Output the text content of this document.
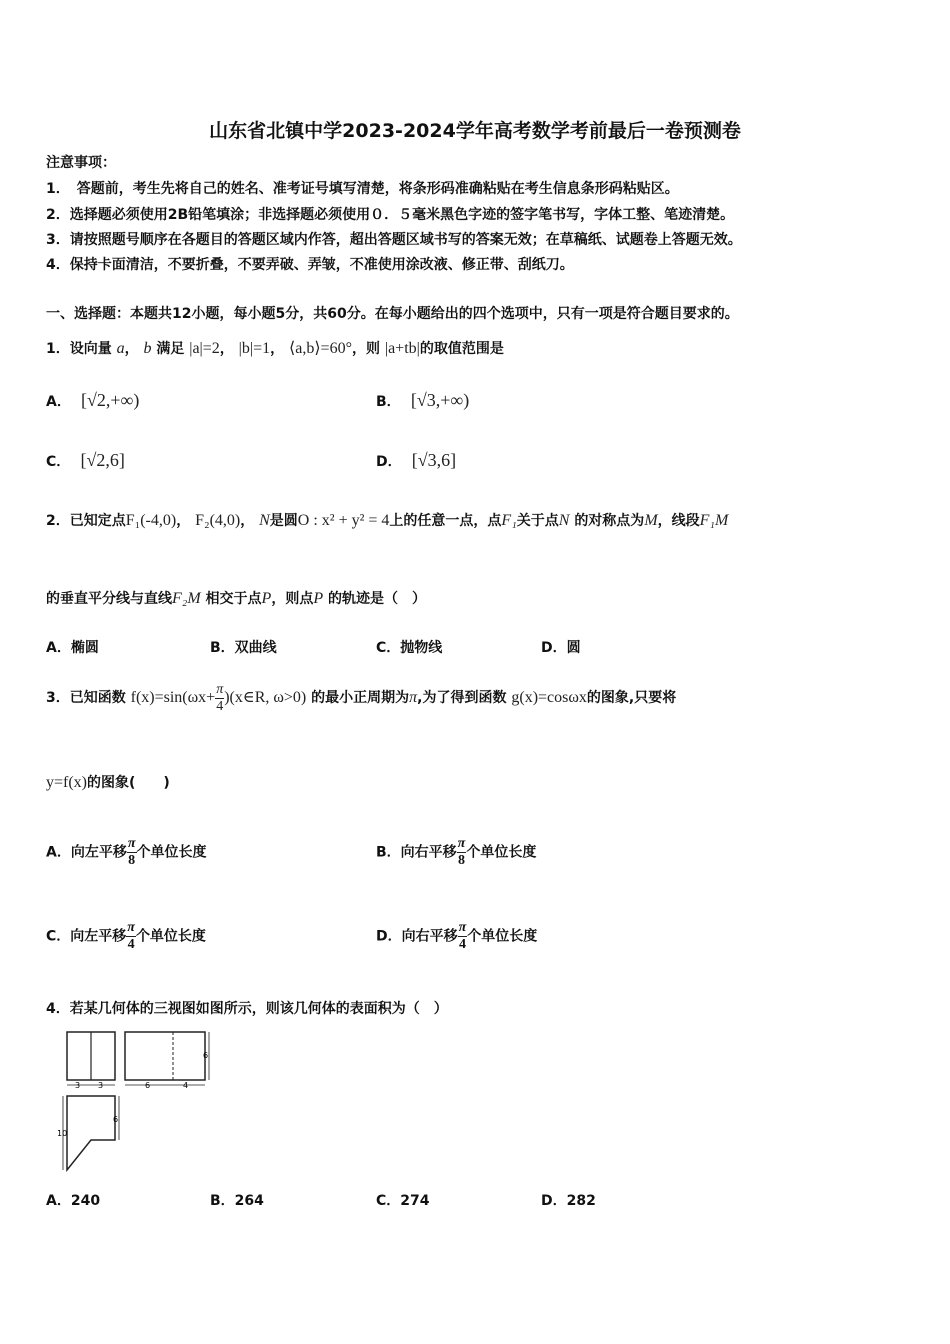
山东省北镇中学2023-2024学年高考数学考前最后一卷预测卷
注意事项：
1．　答题前，考生先将自己的姓名、准考证号填写清楚，将条形码准确粘贴在考生信息条形码粘贴区。
2．选择题必须使用2B铅笔填涂；非选择题必须使用０．５毫米黑色字迹的签字笔书写，字体工整、笔迹清楚。
3．请按照题号顺序在各题目的答题区域内作答，超出答题区域书写的答案无效；在草稿纸、试题卷上答题无效。
4．保持卡面清洁，不要折叠，不要弄破、弄皱，不准使用涂改液、修正带、刮纸刀。
一、选择题：本题共12小题，每小题5分，共60分。在每小题给出的四个选项中，只有一项是符合题目要求的。
1．设向量 a， b 满足 |a|=2， |b|=1， ⟨a,b⟩=60°，则 |a+tb|的取值范围是
A． [√2,+∞)	B． [√3,+∞)
C． [√2,6]	D． [√3,6]
2．已知定点F₁(-4,0)， F₂(4,0)， N是圆O : x² + y² = 4上的任意一点，点F₁关于点N 的对称点为M，线段F₁M
的垂直平分线与直线F₂M 相交于点P，则点P 的轨迹是（　）
A．椭圆	B．双曲线	C．抛物线	D．圆
3．已知函数 $f(x)=\sin(\omega x+ \frac{\pi}{4}$ )(x∈R, ω>0) 的最小正周期为π,为了得到函数 g(x)=cosωx的图象,只要将
y=f(x)的图象(　　)
A．向左平移 $\frac{\pi}{8}$ 个单位长度	B．向右平移 $\frac{\pi}{8}$ 个单位长度
C．向左平移 $\frac{\pi}{4}$ 个单位长度	D．向右平移 $\frac{\pi}{4}$ 个单位长度
4．若某几何体的三视图如图所示，则该几何体的表面积为（　）
3 3	6	4
6
10
6
A．240	B．264	C．274	D．282
